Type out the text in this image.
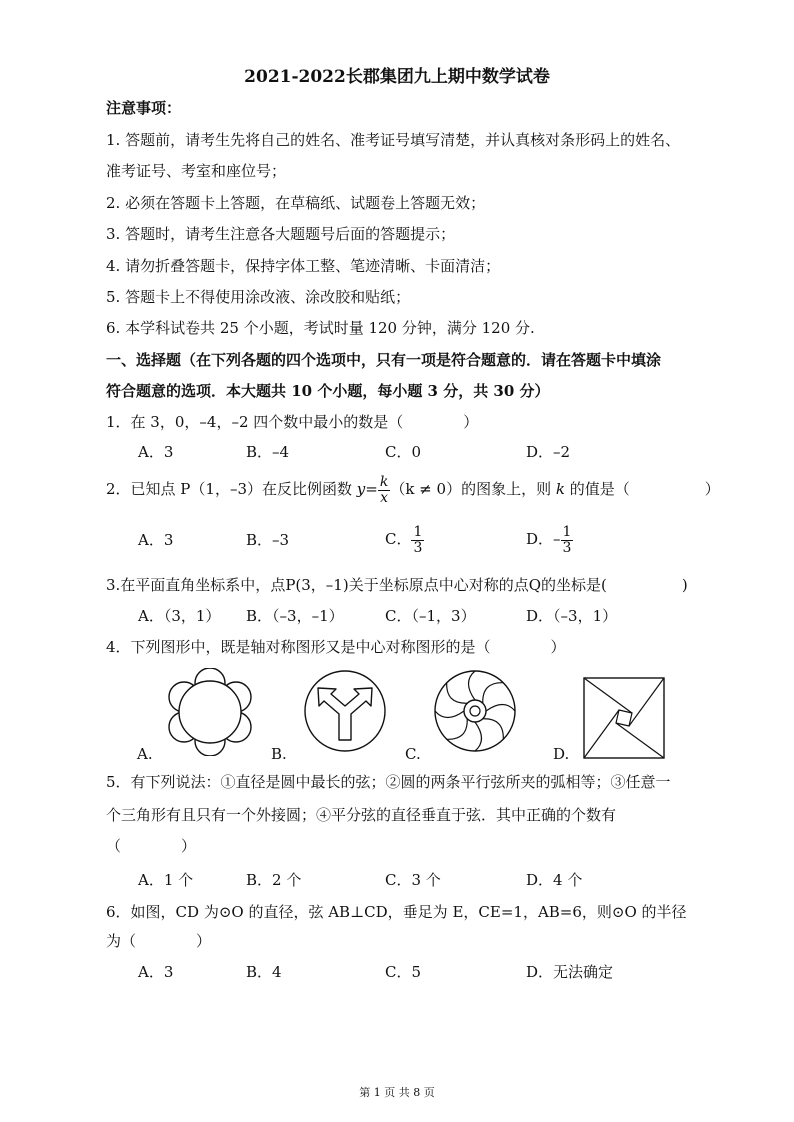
2021-2022长郡集团九上期中数学试卷
注意事项：
1. 答题前，请考生先将自己的姓名、准考证号填写清楚，并认真核对条形码上的姓名、
准考证号、考室和座位号；
2. 必须在答题卡上答题，在草稿纸、试题卷上答题无效；
3. 答题时，请考生注意各大题题号后面的答题提示；
4. 请勿折叠答题卡，保持字体工整、笔迹清晰、卡面清洁；
5. 答题卡上不得使用涂改液、涂改胶和贴纸；
6. 本学科试卷共 25 个小题，考试时量 120 分钟，满分 120 分.
一、选择题（在下列各题的四个选项中，只有一项是符合题意的．请在答题卡中填涂
符合题意的选项．本大题共 10 个小题，每小题 3 分，共 30 分）
1．在 3，0，–4，–2 四个数中最小的数是（　　　　）
A．3	B．–4	C．0	D．–2
2．已知点 P（1，–3）在反比例函数 $y= \frac{k}{x} (k \ne 0)$的图象上，则 k 的值是（　　　　　）
A．3	B．–3	C． $\frac{1}{3}$	D．– $\frac{1}{3}$
3.在平面直角坐标系中，点P(3，–1)关于坐标原点中心对称的点Q的坐标是(　　　　　)
A．（3，1） B．（–3，–1）	C．（–1，3）	D．（–3，1）
4．下列图形中，既是轴对称图形又是中心对称图形的是（　　　　）
A.	B.	C.	D.
5．有下列说法：①直径是圆中最长的弦；②圆的两条平行弦所夹的弧相等；③任意一
个三角形有且只有一个外接圆；④平分弦的直径垂直于弦．其中正确的个数有
（　　　　）
A．1 个	B．2 个	C．3 个	D．4 个
6．如图，CD 为⊙O 的直径，弦 AB⊥CD，垂足为 E，CE=1，AB=6，则⊙O 的半径
为（　　　　）
A．3	B．4	C．5	D．无法确定
第 1 页 共 8 页
